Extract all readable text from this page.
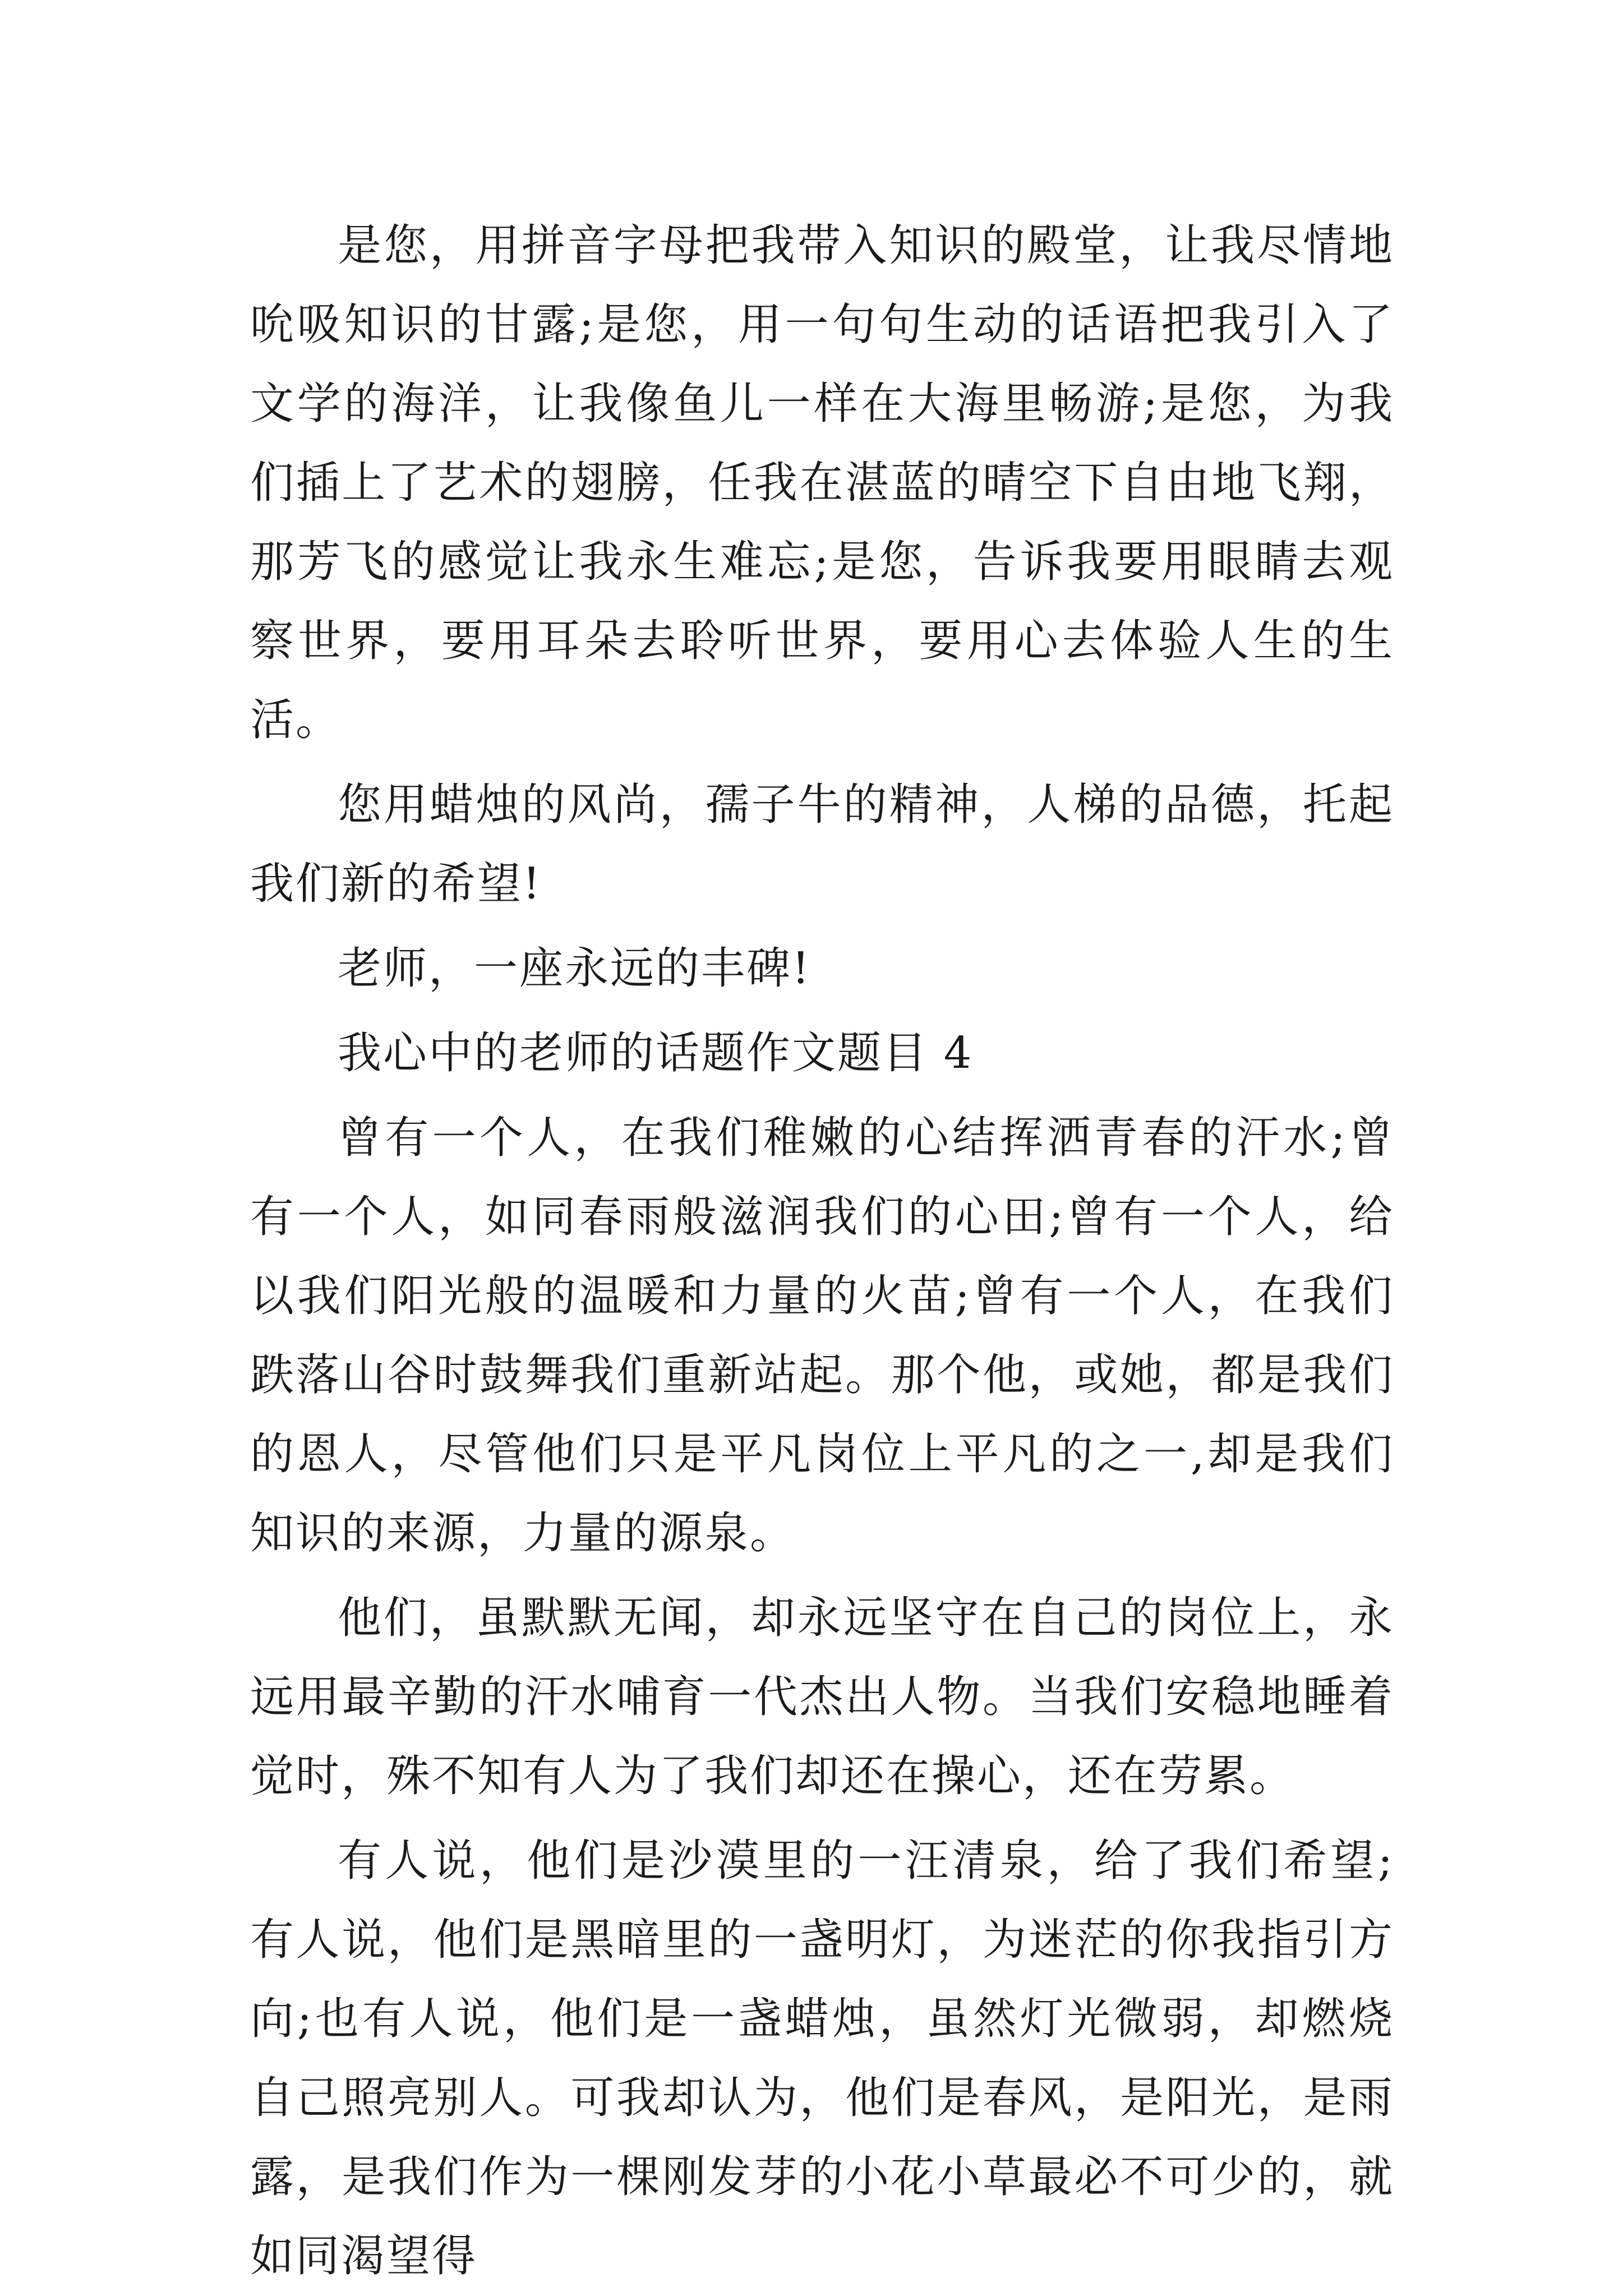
是您，用拼音字母把我带入知识的殿堂，让我尽情地吮吸知识的甘露;是您，用一句句生动的话语把我引入了文学的海洋，让我像鱼儿一样在大海里畅游;是您，为我们插上了艺术的翅膀，任我在湛蓝的晴空下自由地飞翔，那芳飞的感觉让我永生难忘;是您，告诉我要用眼睛去观察世界，要用耳朵去聆听世界，要用心去体验人生的生活。

您用蜡烛的风尚，孺子牛的精神，人梯的品德，托起我们新的希望!

老师，一座永远的丰碑!

我心中的老师的话题作文题目 4

曾有一个人，在我们稚嫩的心结挥洒青春的汗水;曾有一个人，如同春雨般滋润我们的心田;曾有一个人，给以我们阳光般的温暖和力量的火苗;曾有一个人，在我们跌落山谷时鼓舞我们重新站起。那个他，或她，都是我们的恩人，尽管他们只是平凡岗位上平凡的之一,却是我们知识的来源，力量的源泉。

他们，虽默默无闻，却永远坚守在自己的岗位上，永远用最辛勤的汗水哺育一代杰出人物。当我们安稳地睡着觉时，殊不知有人为了我们却还在操心，还在劳累。

有人说，他们是沙漠里的一汪清泉，给了我们希望;有人说，他们是黑暗里的一盏明灯，为迷茫的你我指引方向;也有人说，他们是一盏蜡烛，虽然灯光微弱，却燃烧自己照亮别人。可我却认为，他们是春风，是阳光，是雨露，是我们作为一棵刚发芽的小花小草最必不可少的，就如同渴望得
